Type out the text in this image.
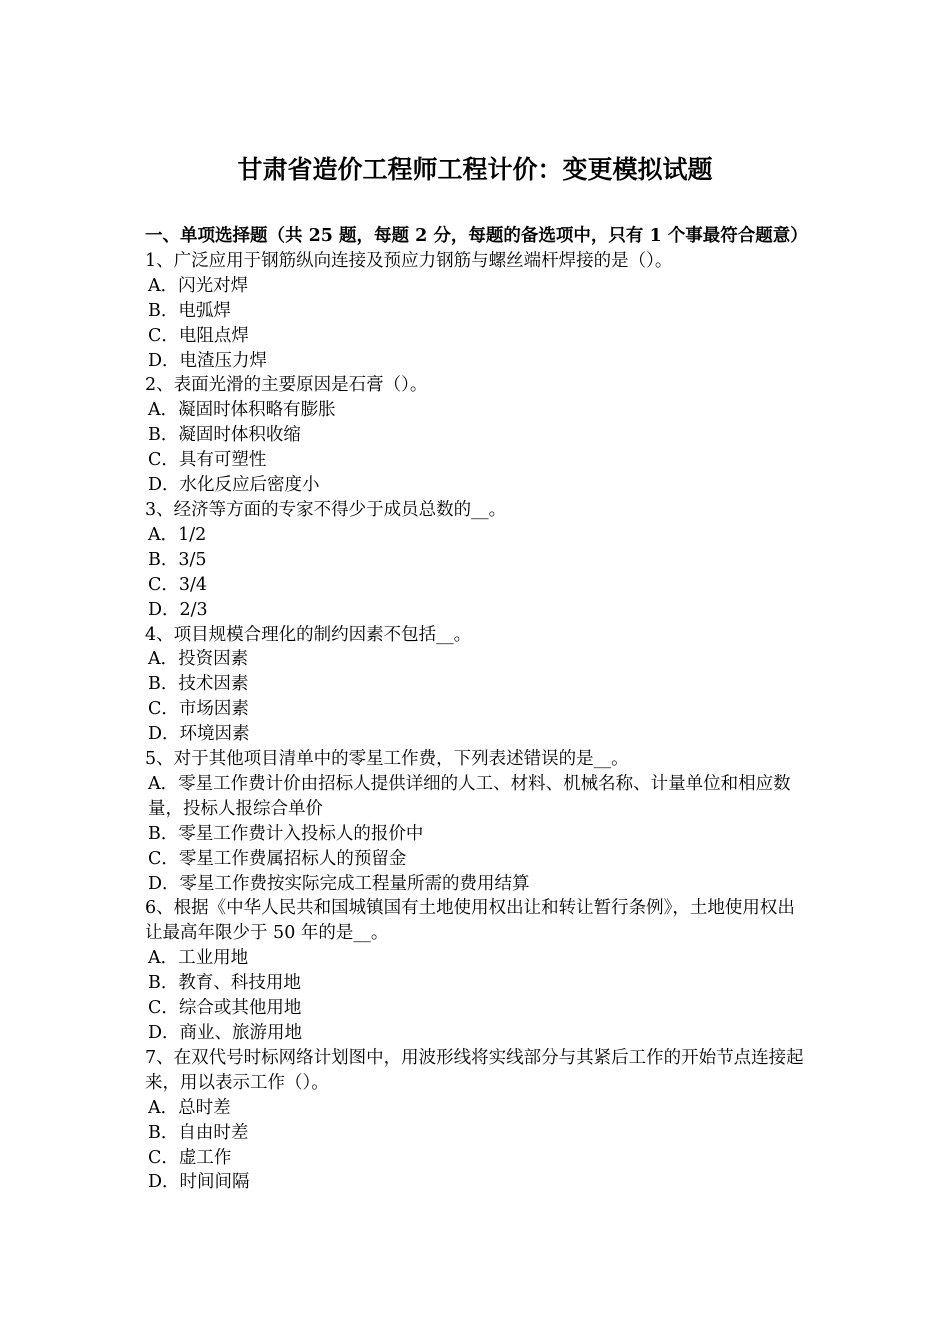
甘肃省造价工程师工程计价：变更模拟试题
一、单项选择题（共 25 题，每题 2 分，每题的备选项中，只有 1 个事最符合题意）

1、广泛应用于钢筋纵向连接及预应力钢筋与螺丝端杆焊接的是（）。

A．闪光对焊

B．电弧焊

C．电阻点焊

D．电渣压力焊

2、表面光滑的主要原因是石膏（）。

A．凝固时体积略有膨胀

B．凝固时体积收缩

C．具有可塑性

D．水化反应后密度小

3、经济等方面的专家不得少于成员总数的__。

A．1/2

B．3/5

C．3/4

D．2/3

4、项目规模合理化的制约因素不包括__。

A．投资因素

B．技术因素

C．市场因素

D．环境因素

5、对于其他项目清单中的零星工作费，下列表述错误的是__。

A．零星工作费计价由招标人提供详细的人工、材料、机械名称、计量单位和相应数量，投标人报综合单价

B．零星工作费计入投标人的报价中

C．零星工作费属招标人的预留金

D．零星工作费按实际完成工程量所需的费用结算

6、根据《中华人民共和国城镇国有土地使用权出让和转让暂行条例》，土地使用权出让最高年限少于 50 年的是__。

A．工业用地

B．教育、科技用地

C．综合或其他用地

D．商业、旅游用地

7、在双代号时标网络计划图中，用波形线将实线部分与其紧后工作的开始节点连接起来，用以表示工作（）。

A．总时差

B．自由时差

C．虚工作

D．时间间隔
